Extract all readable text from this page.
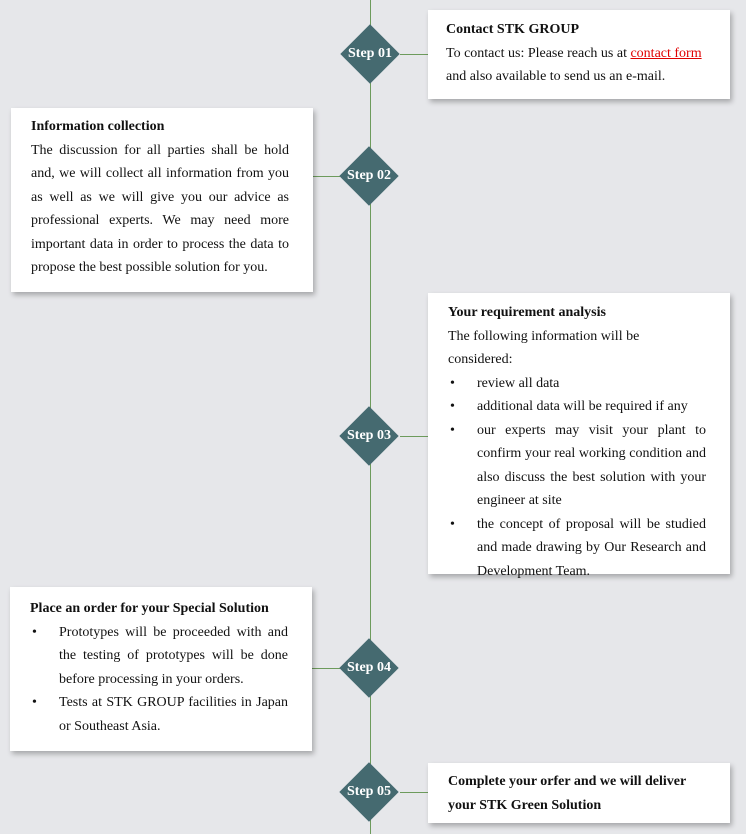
Step 01
Step 02
Step 03
Step 04
Step 05
Contact STK GROUP

To contact us: Please reach us at contact form
and also available to send us an e-mail.

Information collection

The discussion for all parties shall be hold and, we will collect all information from you as well as we will give you our advice as professional experts. We may need more important data in order to process the data to propose the best possible solution for you.

Your requirement analysis

The following information will be considered:

• review all data
• additional data will be required if any
• our experts may visit your plant to confirm your real working condition and also discuss the best solution with your engineer at site
• the concept of proposal will be studied and made drawing by Our Research and Development Team.
Place an order for your Special Solution
• Prototypes will be proceeded with and the testing of prototypes will be done before processing in your orders.
• Tests at STK GROUP facilities in Japan or Southeast Asia.
Complete your orfer and we will deliver your STK Green Solution
